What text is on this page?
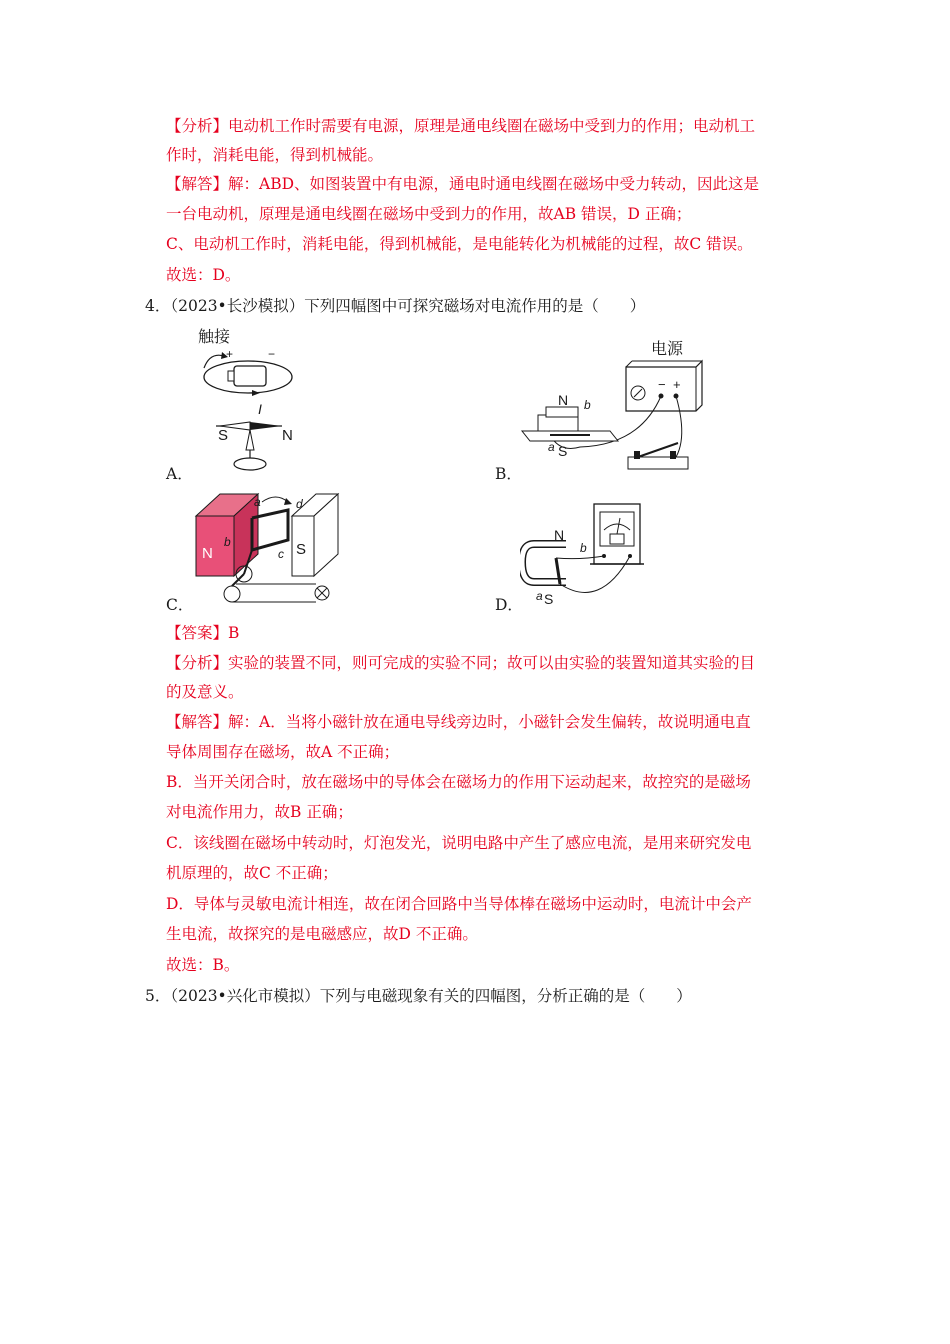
【分析】电动机工作时需要有电源，原理是通电线圈在磁场中受到力的作用；电动机工
作时，消耗电能，得到机械能。
【解答】解：ABD、如图装置中有电源，通电时通电线圈在磁场中受力转动，因此这是
一台电动机，原理是通电线圈在磁场中受到力的作用，故AB 错误，D 正确；
C、电动机工作时，消耗电能，得到机械能，是电能转化为机械能的过程，故C 错误。
故选：D。
4．（2023•长沙模拟）下列四幅图中可探究磁场对电流作用的是（　　）
触接
+	−
I
S	N
A．
电源
− +
N b
a S
B．
N	S
a	d
b
c
C．
N
b
a S
D．
【答案】B
【分析】实验的装置不同，则可完成的实验不同；故可以由实验的装置知道其实验的目
的及意义。
【解答】解：A．当将小磁针放在通电导线旁边时，小磁针会发生偏转，故说明通电直
导体周围存在磁场，故A 不正确；
B．当开关闭合时，放在磁场中的导体会在磁场力的作用下运动起来，故控究的是磁场
对电流作用力，故B 正确；
C．该线圈在磁场中转动时，灯泡发光，说明电路中产生了感应电流，是用来研究发电
机原理的，故C 不正确；
D．导体与灵敏电流计相连，故在闭合回路中当导体棒在磁场中运动时，电流计中会产
生电流，故探究的是电磁感应，故D 不正确。
故选：B。
5．（2023•兴化市模拟）下列与电磁现象有关的四幅图，分析正确的是（　　）
